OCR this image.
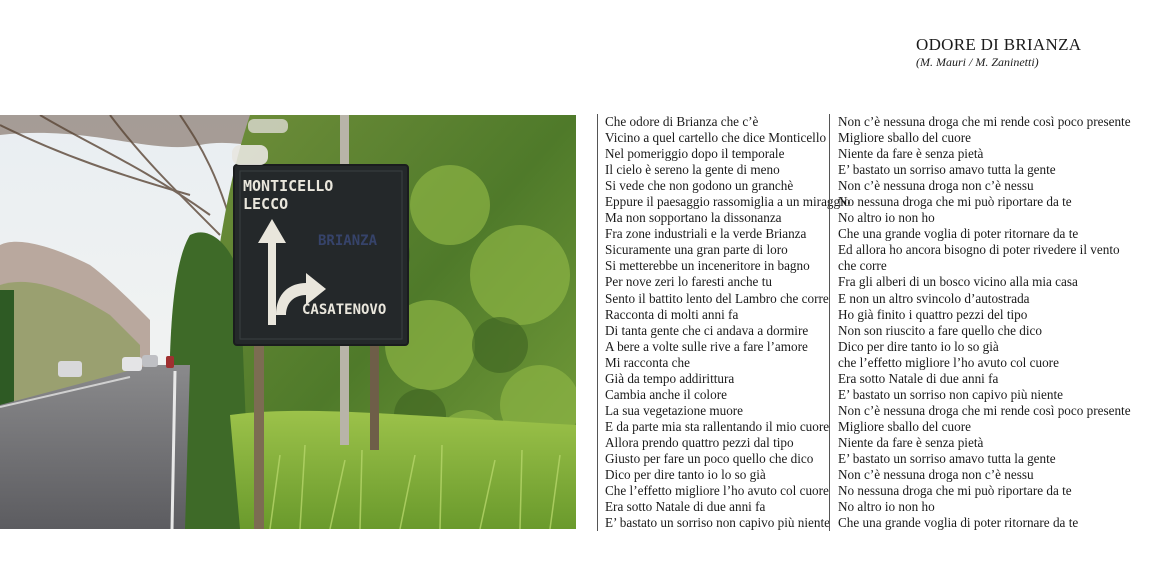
ODORE DI BRIANZA
(M. Mauri / M. Zaninetti)
MONTICELLO
LECCO
BRIANZA
CASATENOVO
Che odore di Brianza che c’è
Vicino a quel cartello che dice Monticello
Nel pomeriggio dopo il temporale
Il cielo è sereno la gente di meno
Si vede che non godono un granchè
Eppure il paesaggio rassomiglia a un miraggio
Ma non sopportano la dissonanza
Fra zone industriali e la verde Brianza
Sicuramente una gran parte di loro
Si metterebbe un inceneritore in bagno
Per nove zeri lo faresti anche tu
Sento il battito lento del Lambro che corre
Racconta di molti anni fa
Di tanta gente che ci andava a dormire
A bere a volte sulle rive a fare l’amore
Mi racconta che
Già da tempo addirittura
Cambia anche il colore
La sua vegetazione muore
E da parte mia sta rallentando il mio cuore
Allora prendo quattro pezzi dal tipo
Giusto per fare un poco quello che dico
Dico per dire tanto io lo so già
Che l’effetto migliore l’ho avuto col cuore
Era sotto Natale di due anni fa
E’ bastato un sorriso non capivo più niente
Non c’è nessuna droga che mi rende così poco presente
Migliore sballo del cuore
Niente da fare è senza pietà
E’ bastato un sorriso amavo tutta la gente
Non c’è nessuna droga non c’è nessu
No nessuna droga che mi può riportare da te
No altro io non ho
Che una grande voglia di poter ritornare da te
Ed allora ho ancora bisogno di poter rivedere il vento
che corre
Fra gli alberi di un bosco vicino alla mia casa
E non un altro svincolo d’autostrada
Ho già finito i quattro pezzi del tipo
Non son riuscito a fare quello che dico
Dico per dire tanto io lo so già
che l’effetto migliore l’ho avuto col cuore
Era sotto Natale di due anni fa
E’ bastato un sorriso non capivo più niente
Non c’è nessuna droga che mi rende così poco presente
Migliore sballo del cuore
Niente da fare è senza pietà
E’ bastato un sorriso amavo tutta la gente
Non c’è nessuna droga non c’è nessu
No nessuna droga che mi può riportare da te
No altro io non ho
Che una grande voglia di poter ritornare da te
